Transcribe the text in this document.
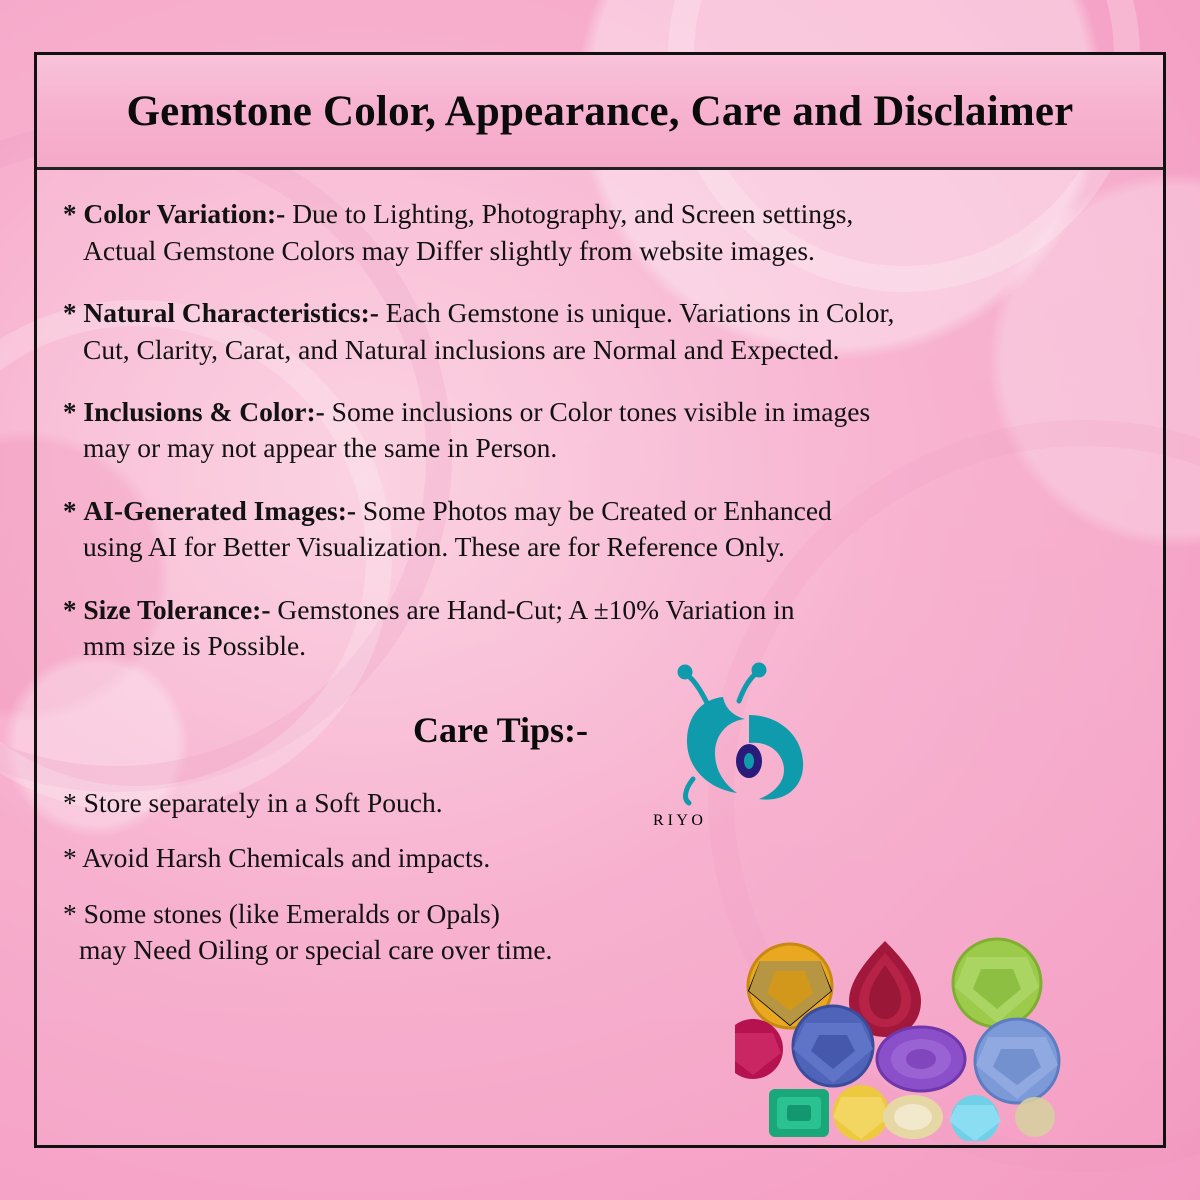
Gemstone Color, Appearance, Care and Disclaimer
* Color Variation:- Due to Lighting, Photography, and Screen settings,
Actual Gemstone Colors may Differ slightly from website images.
* Natural Characteristics:- Each Gemstone is unique. Variations in Color,
Cut, Clarity, Carat, and Natural inclusions are Normal and Expected.
* Inclusions & Color:- Some inclusions or Color tones visible in images
may or may not appear the same in Person.
* AI-Generated Images:- Some Photos may be Created or Enhanced
using AI for Better Visualization. These are for Reference Only.
* Size Tolerance:- Gemstones are Hand-Cut; A ±10% Variation in
mm size is Possible.
Care Tips:-
R I Y O
* Store separately in a Soft Pouch.
* Avoid Harsh Chemicals and impacts.
* Some stones (like Emeralds or Opals)
may Need Oiling or special care over time.
